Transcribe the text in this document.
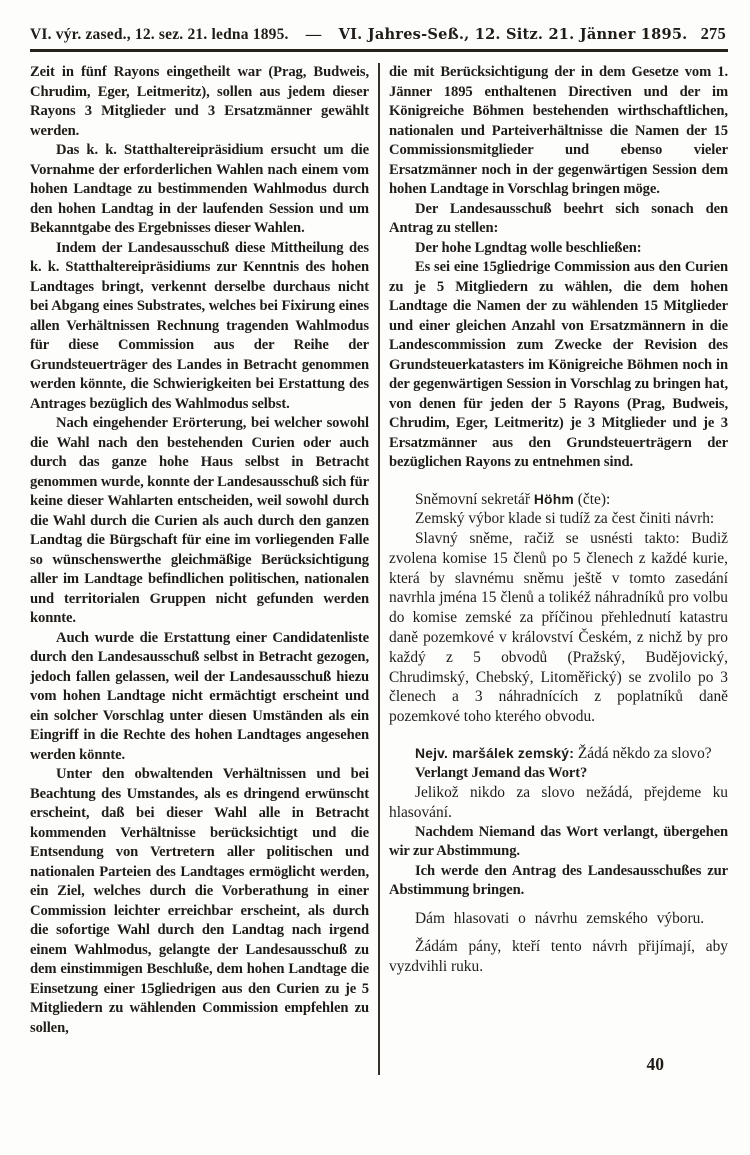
VI. výr. zased., 12. sez. 21. ledna 1895. — VI. Jahres-Seß., 12. Sitz. 21. Jänner 1895. 275

Zeit in fünf Rayons eingetheilt war (Prag, Budweis, Chrudim, Eger, Leitmeritz), sollen aus jedem dieser Rayons 3 Mitglieder und 3 Ersatzmänner gewählt werden.

Das k. k. Statthaltereipräsidium ersucht um die Vornahme der erforderlichen Wahlen nach einem vom hohen Landtage zu bestimmenden Wahlmodus durch den hohen Landtag in der laufenden Session und um Bekanntgabe des Ergebnisses dieser Wahlen.

Indem der Landesausschuß diese Mittheilung des k. k. Statthaltereipräsidiums zur Kenntnis des hohen Landtages bringt, verkennt derselbe durchaus nicht bei Abgang eines Substrates, welches bei Fixirung eines allen Verhältnissen Rechnung tragenden Wahlmodus für diese Commission aus der Reihe der Grundsteuerträger des Landes in Betracht genommen werden könnte, die Schwierigkeiten bei Erstattung des Antrages bezüglich des Wahlmodus selbst.

Nach eingehender Erörterung, bei welcher sowohl die Wahl nach den bestehenden Curien oder auch durch das ganze hohe Haus selbst in Betracht genommen wurde, konnte der Landesausschuß sich für keine dieser Wahlarten entscheiden, weil sowohl durch die Wahl durch die Curien als auch durch den ganzen Landtag die Bürgschaft für eine im vorliegenden Falle so wünschenswerthe gleichmäßige Berücksichtigung aller im Landtage befindlichen politischen, nationalen und territorialen Gruppen nicht gefunden werden konnte.

Auch wurde die Erstattung einer Candidatenliste durch den Landesausschuß selbst in Betracht gezogen, jedoch fallen gelassen, weil der Landesausschuß hiezu vom hohen Landtage nicht ermächtigt erscheint und ein solcher Vorschlag unter diesen Umständen als ein Eingriff in die Rechte des hohen Landtages angesehen werden könnte.

Unter den obwaltenden Verhältnissen und bei Beachtung des Umstandes, als es dringend erwünscht erscheint, daß bei dieser Wahl alle in Betracht kommenden Verhältnisse berücksichtigt und die Entsendung von Vertretern aller politischen und nationalen Parteien des Landtages ermöglicht werden, ein Ziel, welches durch die Vorberathung in einer Commission leichter erreichbar erscheint, als durch die sofortige Wahl durch den Landtag nach irgend einem Wahlmodus, gelangte der Landesausschuß zu dem einstimmigen Beschluße, dem hohen Landtage die Einsetzung einer 15gliedrigen aus den Curien zu je 5 Mitgliedern zu wählenden Commission empfehlen zu sollen,

die mit Berücksichtigung der in dem Gesetze vom 1. Jänner 1895 enthaltenen Directiven und der im Königreiche Böhmen bestehenden wirthschaftlichen, nationalen und Parteiverhältnisse die Namen der 15 Commissionsmitglieder und ebenso vieler Ersatzmänner noch in der gegenwärtigen Session dem hohen Landtage in Vorschlag bringen möge.

Der Landesausschuß beehrt sich sonach den Antrag zu stellen:

Der hohe Lgndtag wolle beschließen:

Es sei eine 15gliedrige Commission aus den Curien zu je 5 Mitgliedern zu wählen, die dem hohen Landtage die Namen der zu wählenden 15 Mitglieder und einer gleichen Anzahl von Ersatzmännern in die Landescommission zum Zwecke der Revision des Grundsteuerkatasters im Königreiche Böhmen noch in der gegenwärtigen Session in Vorschlag zu bringen hat, von denen für jeden der 5 Rayons (Prag, Budweis, Chrudim, Eger, Leitmeritz) je 3 Mitglieder und je 3 Ersatzmänner aus den Grundsteuerträgern der bezüglichen Rayons zu entnehmen sind.

Sněmovní sekretář Höhm (čte):

Zemský výbor klade si tudíž za čest činiti návrh:

Slavný sněme, račiž se usnésti takto: Budiž zvolena komise 15 členů po 5 členech z každé kurie, která by slavnému sněmu ještě v tomto zasedání navrhla jména 15 členů a tolikéž náhradníků pro volbu do komise zemské za příčinou přehlednutí katastru daně pozemkové v království Českém, z nichž by pro každý z 5 obvodů (Pražský, Budějovický, Chrudimský, Chebský, Litoměřický) se zvolilo po 3 členech a 3 náhradnících z poplatníků daně pozemkové toho kterého obvodu.

Nejv. maršálek zemský: Žádá někdo za slovo?

Verlangt Jemand das Wort?

Jelikož nikdo za slovo nežádá, přejdeme ku hlasování.

Nachdem Niemand das Wort verlangt, übergehen wir zur Abstimmung.

Ich werde den Antrag des Landesausschußes zur Abstimmung bringen.

Dám hlasovati o návrhu zemského výboru.

Žádám pány, kteří tento návrh přijímají, aby vyzdvihli ruku.

40
